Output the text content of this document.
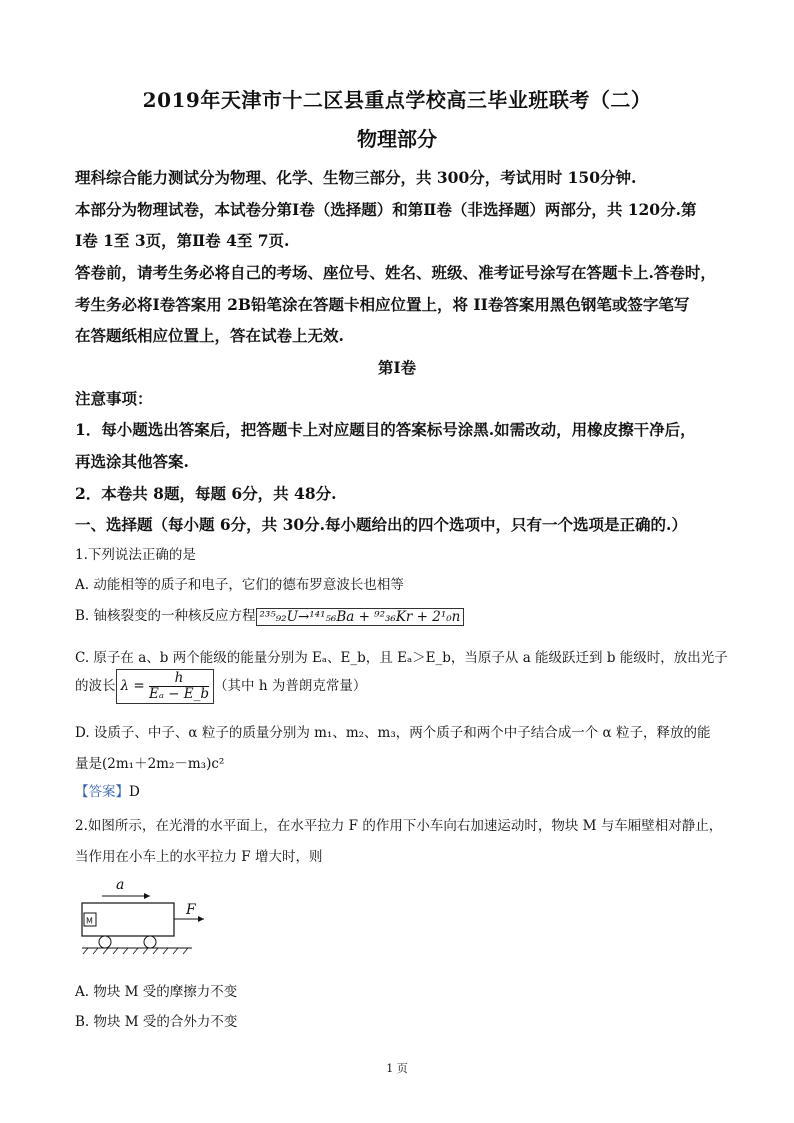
2019年天津市十二区县重点学校高三毕业班联考（二）
物理部分
理科综合能力测试分为物理、化学、生物三部分，共 300分，考试用时 150分钟.
本部分为物理试卷，本试卷分第Ⅰ卷（选择题）和第Ⅱ卷（非选择题）两部分，共 120分.第
Ⅰ卷 1至 3页，第Ⅱ卷 4至 7页.
答卷前，请考生务必将自己的考场、座位号、姓名、班级、准考证号涂写在答题卡上.答卷时，
考生务必将Ⅰ卷答案用 2B铅笔涂在答题卡相应位置上，将 II卷答案用黑色钢笔或签字笔写
在答题纸相应位置上，答在试卷上无效.
第Ⅰ卷
注意事项：
1．每小题选出答案后，把答题卡上对应题目的答案标号涂黑.如需改动，用橡皮擦干净后，
再选涂其他答案.
2．本卷共 8题，每题 6分，共 48分.
一、选择题（每小题 6分，共 30分.每小题给出的四个选项中，只有一个选项是正确的.）
1.下列说法正确的是
A. 动能相等的质子和电子，它们的德布罗意波长也相等
B. 铀核裂变的一种核反应方程 ²³⁵₉₂U→¹⁴¹₅₆Ba + ⁹²₃₆Kr + 2¹₀n
C. 原子在 a、b 两个能级的能量分别为 Eₐ、E_b，且 Eₐ＞E_b，当原子从 a 能级跃迁到 b 能级时，放出光子
的波长 $\lambda = \frac{h}{\text{Eₐ − E\_b}}$ （其中 h 为普朗克常量）
D. 设质子、中子、α 粒子的质量分别为 m₁、m₂、m₃，两个质子和两个中子结合成一个 α 粒子，释放的能
量是(2m₁＋2m₂－m₃)c²
【答案】D
2.如图所示，在光滑的水平面上，在水平拉力 F 的作用下小车向右加速运动时，物块 M 与车厢壁相对静止，
当作用在小车上的水平拉力 F 增大时，则
a
M
F
A. 物块 M 受的摩擦力不变
B. 物块 M 受的合外力不变
1 页
